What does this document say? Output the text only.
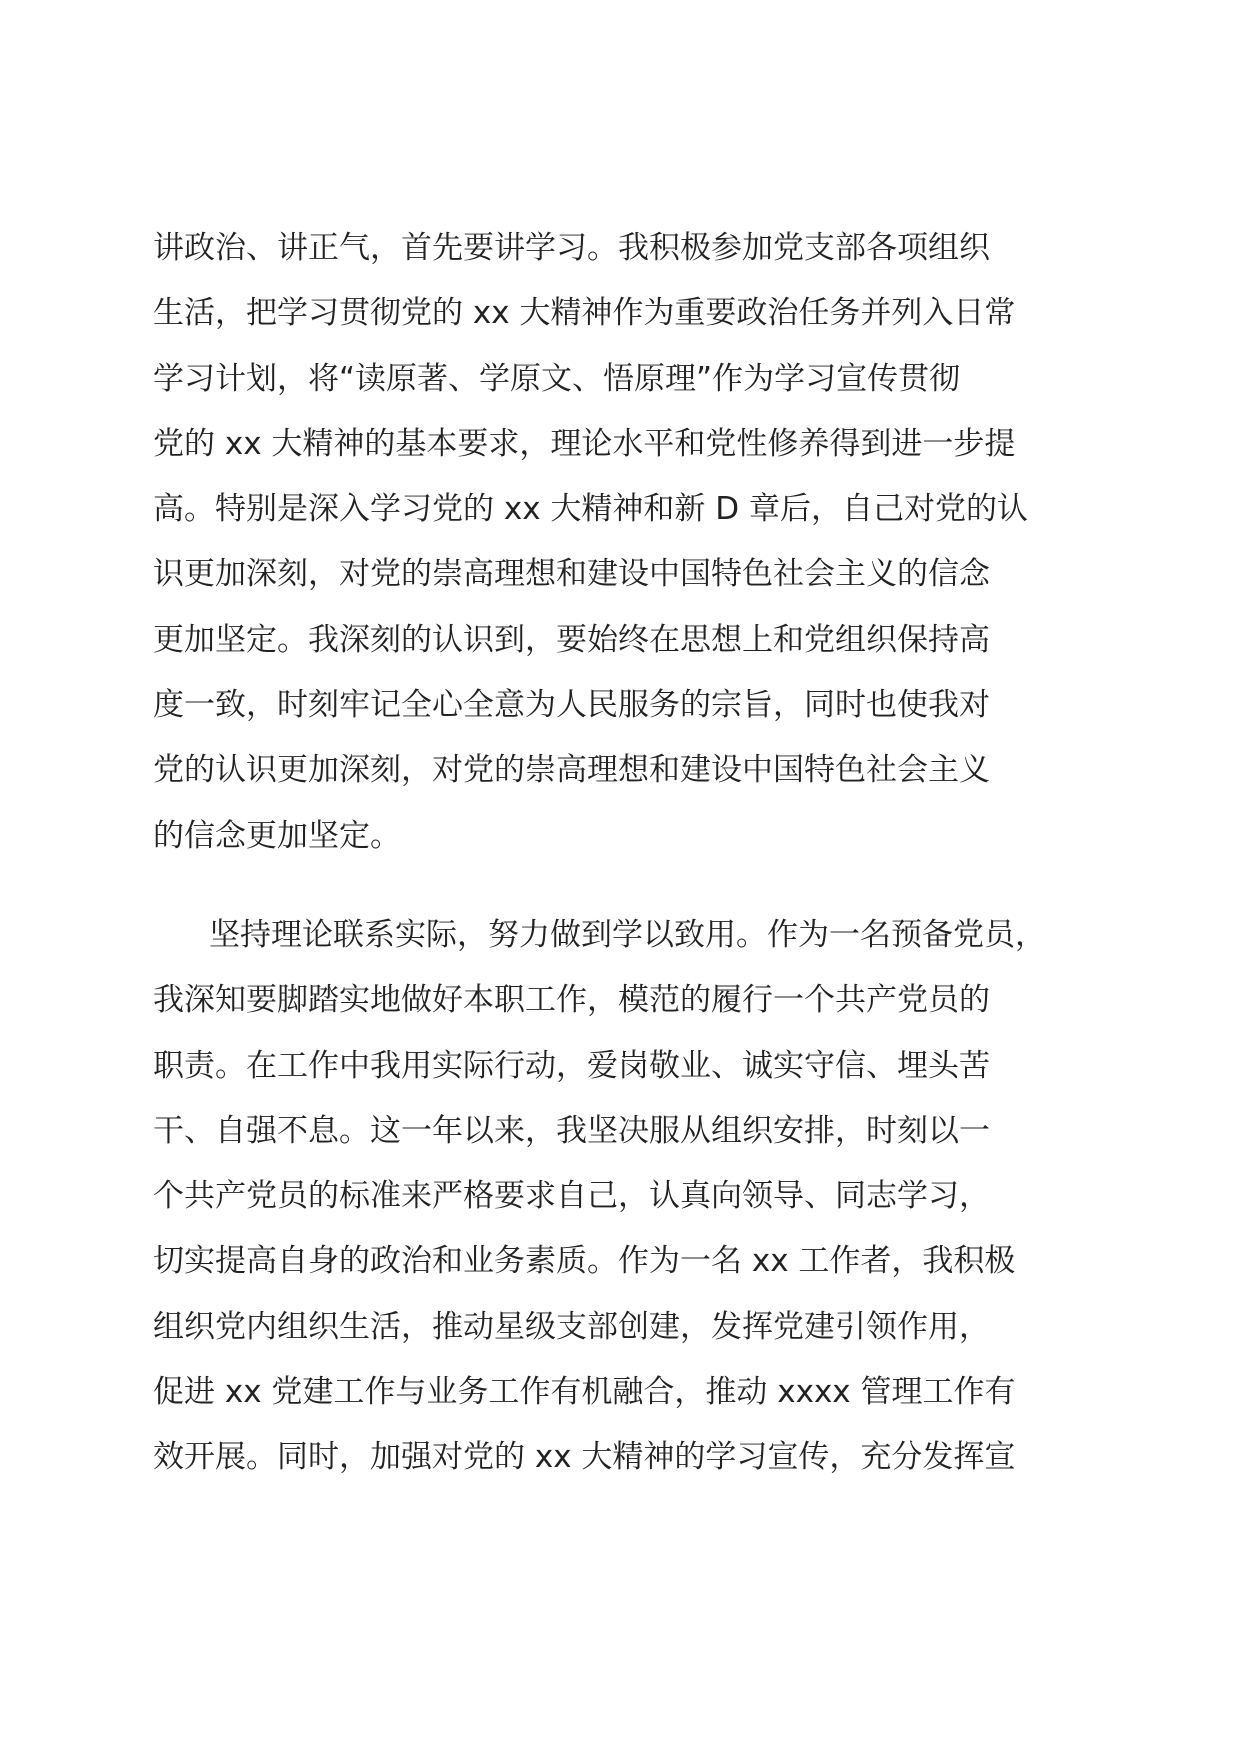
讲政治、讲正气，首先要讲学习。我积极参加党支部各项组织
生活，把学习贯彻党的 xx 大精神作为重要政治任务并列入日常
学习计划，将“读原著、学原文、悟原理”作为学习宣传贯彻
党的 xx 大精神的基本要求，理论水平和党性修养得到进一步提
高。特别是深入学习党的 xx 大精神和新 D 章后，自己对党的认
识更加深刻，对党的崇高理想和建设中国特色社会主义的信念
更加坚定。我深刻的认识到，要始终在思想上和党组织保持高
度一致，时刻牢记全心全意为人民服务的宗旨，同时也使我对
党的认识更加深刻，对党的崇高理想和建设中国特色社会主义
的信念更加坚定。
坚持理论联系实际，努力做到学以致用。作为一名预备党员，
我深知要脚踏实地做好本职工作，模范的履行一个共产党员的
职责。在工作中我用实际行动，爱岗敬业、诚实守信、埋头苦
干、自强不息。这一年以来，我坚决服从组织安排，时刻以一
个共产党员的标准来严格要求自己，认真向领导、同志学习，
切实提高自身的政治和业务素质。作为一名 xx 工作者，我积极
组织党内组织生活，推动星级支部创建，发挥党建引领作用，
促进 xx 党建工作与业务工作有机融合，推动 xxxx 管理工作有
效开展。同时，加强对党的 xx 大精神的学习宣传，充分发挥宣
